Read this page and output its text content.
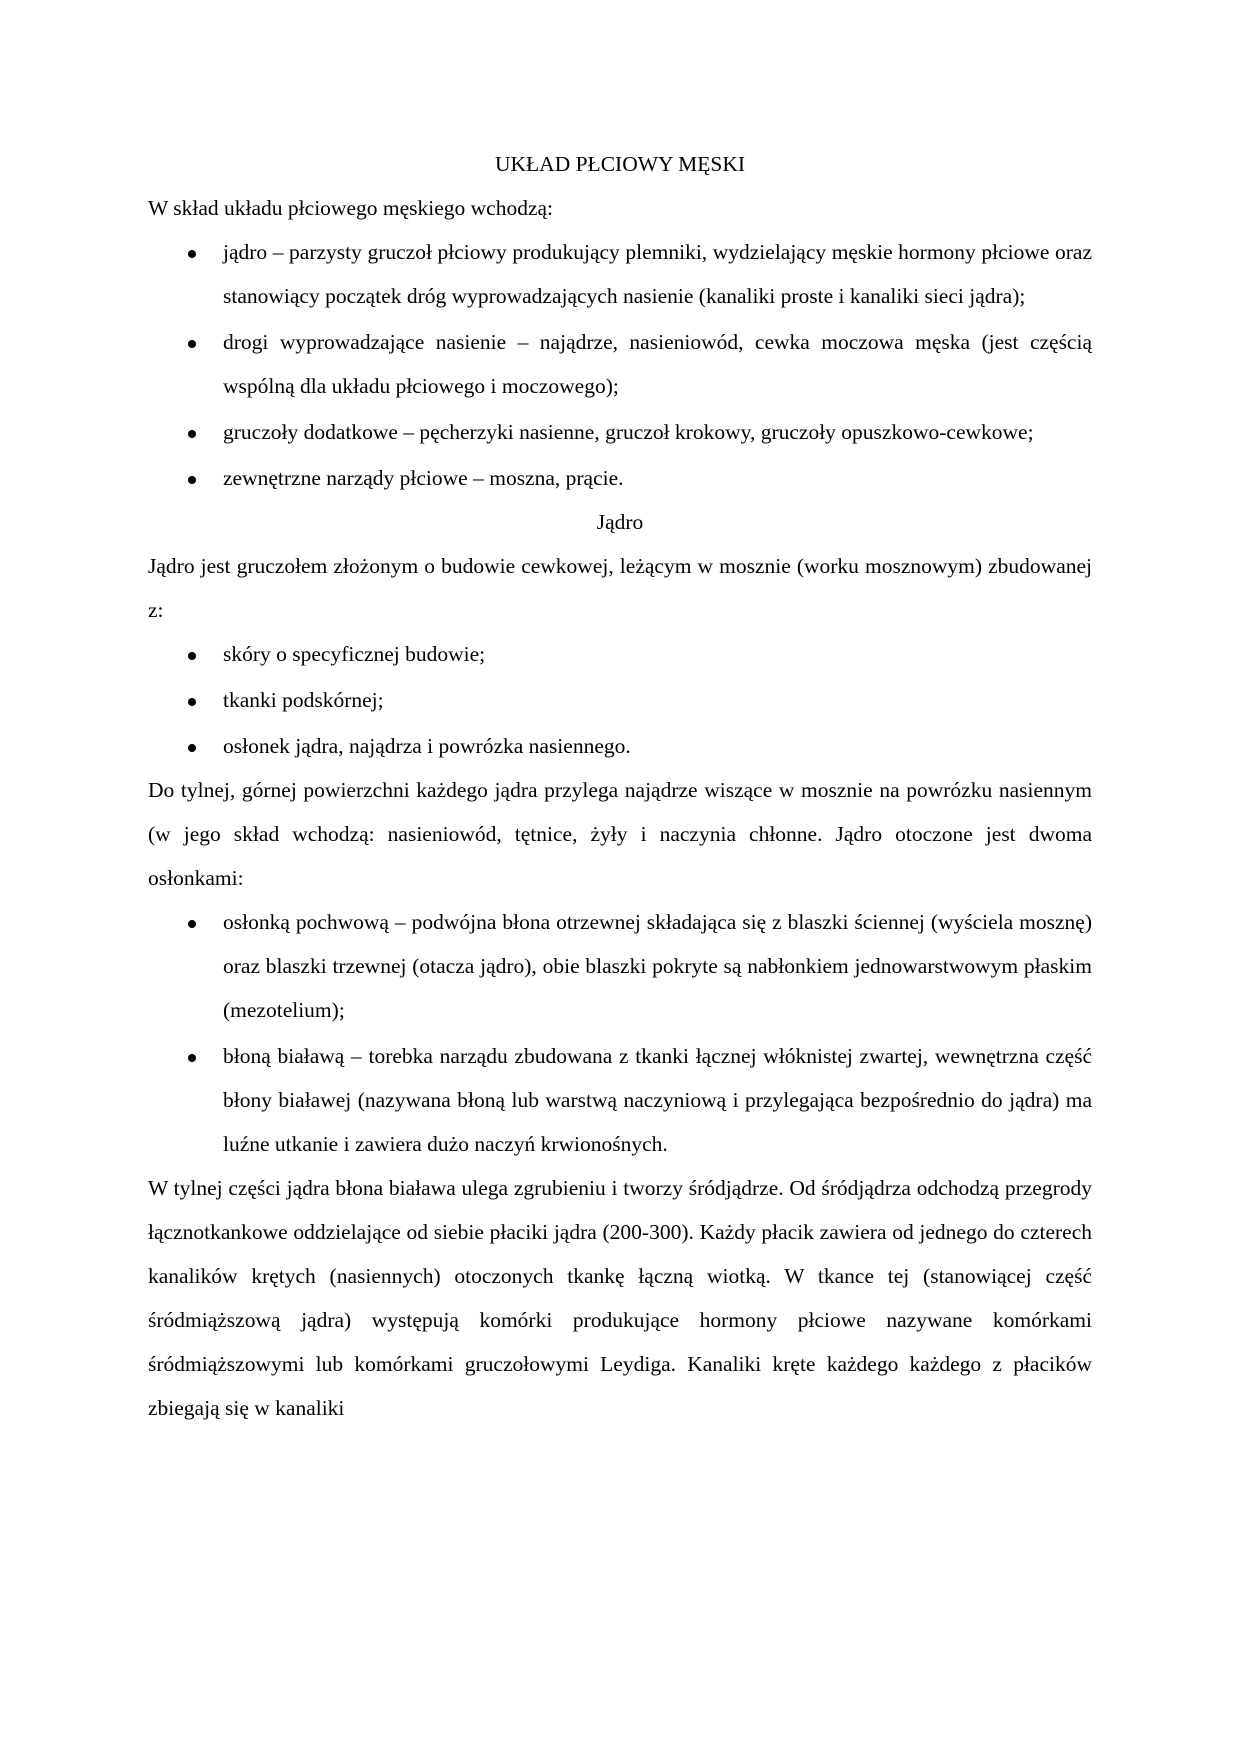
UKŁAD PŁCIOWY MĘSKI

W skład układu płciowego męskiego wchodzą:

jądro – parzysty gruczoł płciowy produkujący plemniki, wydzielający męskie hormony płciowe oraz stanowiący początek dróg wyprowadzających nasienie (kanaliki proste i kanaliki sieci jądra);
drogi wyprowadzające nasienie – najądrze, nasieniowód, cewka moczowa męska (jest częścią wspólną dla układu płciowego i moczowego);
gruczoły dodatkowe – pęcherzyki nasienne, gruczoł krokowy, gruczoły opuszkowo-cewkowe;
zewnętrzne narządy płciowe – moszna, prącie.
Jądro

Jądro jest gruczołem złożonym o budowie cewkowej, leżącym w mosznie (worku mosznowym) zbudowanej z:

skóry o specyficznej budowie;
tkanki podskórnej;
osłonek jądra, najądrza i powrózka nasiennego.

Do tylnej, górnej powierzchni każdego jądra przylega najądrze wiszące w mosznie na powrózku nasiennym (w jego skład wchodzą: nasieniowód, tętnice, żyły i naczynia chłonne. Jądro otoczone jest dwoma osłonkami:

osłonką pochwową – podwójna błona otrzewnej składająca się z blaszki ściennej (wyściela mosznę) oraz blaszki trzewnej (otacza jądro), obie blaszki pokryte są nabłonkiem jednowarstwowym płaskim (mezotelium);
błoną białawą – torebka narządu zbudowana z tkanki łącznej włóknistej zwartej, wewnętrzna część błony białawej (nazywana błoną lub warstwą naczyniową i przylegająca bezpośrednio do jądra) ma luźne utkanie i zawiera dużo naczyń krwionośnych.

W tylnej części jądra błona biaława ulega zgrubieniu i tworzy śródjądrze. Od śródjądrza odchodzą przegrody łącznotkankowe oddzielające od siebie płaciki jądra (200-300). Każdy płacik zawiera od jednego do czterech kanalików krętych (nasiennych) otoczonych tkankę łączną wiotką. W tkance tej (stanowiącej część śródmiąższową jądra) występują komórki produkujące hormony płciowe nazywane komórkami śródmiąższowymi lub komórkami gruczołowymi Leydiga. Kanaliki kręte każdego każdego z płacików zbiegają się w kanaliki
